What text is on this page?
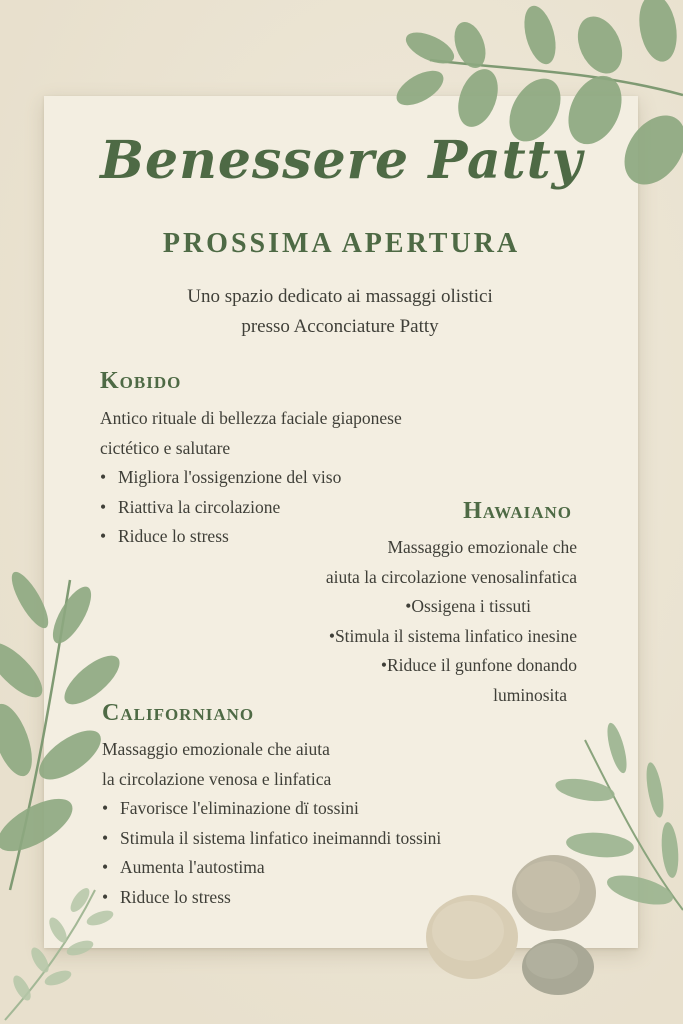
Benessere Patty
PROSSIMA APERTURA
Uno spazio dedicato ai massaggi olistici
presso Acconciature Patty
Kobido
Antico rituale di bellezza faciale giaponese
cictético e salutare
• Migliora l'ossigenzione del viso
• Riattiva la circolazione
• Riduce lo stress
Hawaiano
Massaggio emozionale che
aiuta la circolazione venosalinfatica
• Ossigena i tissuti
• Stimula il sistema linfatico inesine
• Riduce il gunfone donando
luminosita
Californiano
Massaggio emozionale che aiuta
la circolazione venosa e linfatica
• Favorisce l'eliminazione dï tossini
• Stimula il sistema linfatico ineimanndi tossini
• Aumenta l'autostima
• Riduce lo stress
